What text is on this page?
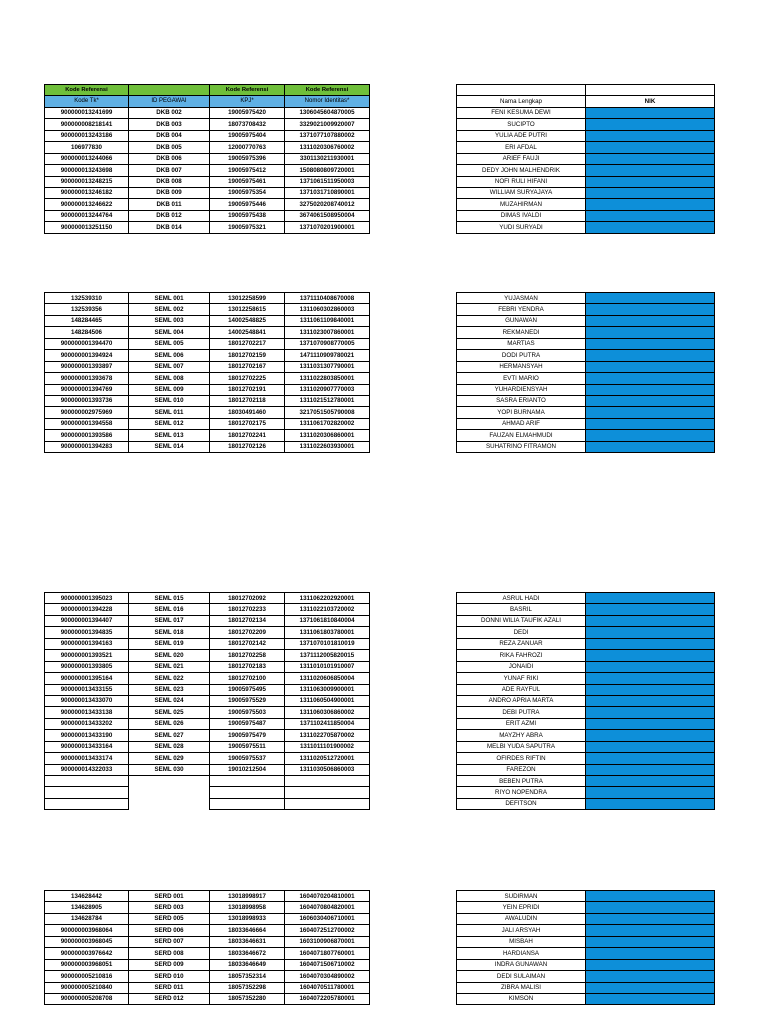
Kode Referensi		Kode Referensi	Kode Referensi
Kode Tk*	ID PEGAWAI	KPJ*	Nomor Identitas*
900000013241699	DKB 002	19005975420	1306045604870005
900000008218141	DKB 003	18073708432	3329021009920007
900000013243186	DKB 004	19005975404	1371077107880002
106977830	DKB 005	12000770763	1311020306760002
900000013244066	DKB 006	19005975396	3301130211930001
900000013243698	DKB 007	19005975412	1508080809720001
900000013248215	DKB 008	19005975461	1371061511950003
900000013246182	DKB 009	19005975354	1371031710890001
900000013246622	DKB 011	19005975446	3275020208740012
900000013244764	DKB 012	19005975438	3674061508950004
900000013251150	DKB 014	19005975321	1371070201900001

Nama Lengkap	NIK
FENI KESUMA DEWI	
SUCIPTO	
YULIA ADE PUTRI	
ERI AFDAL	
ARIEF FAUJI	
DEDY JOHN MALHENDRIK	
NOFI RULI HIFANI	
WILLIAM SURYAJAYA	
MUZAHIRMAN	
DIMAS IVALDI	
YUDI SURYADI	
132539310	SEML 001	13012258599	1371110408670008
132539356	SEML 002	13012258615	1311060302860003
148284465	SEML 003	14002548825	1311061109840001
148284506	SEML 004	14002548841	1311023007860001
900000001394470	SEML 005	18012702217	1371070908770005
900000001394924	SEML 006	18012702159	1471110909780021
900000001393897	SEML 007	18012702167	1311031307790001
900000001393678	SEML 008	18012702225	1311022803850001
900000001394769	SEML 009	18012702191	1311020907770003
900000001393736	SEML 010	18012702118	1311021512780001
900000002975969	SEML 011	18030491460	3217051505790008
900000001394558	SEML 012	18012702175	1311061702820002
900000001393586	SEML 013	18012702241	1311020306860001
900000001394283	SEML 014	18012702126	1311022603930001
YUJASMAN	
FEBRI YENDRA	
GUNAWAN	
REKMANEDI	
MARTIAS	
DODI PUTRA	
HERMANSYAH	
EVTI MARIO	
YUHARDIENSYAH	
SASRA ERIANTO	
YOPI BURNAMA	
AHMAD ARIF	
FAUZAN ELMAHMUDI	
SUHATRINO FITRAMON	
900000001395023	SEML 015	18012702092	1311062202920001
900000001394228	SEML 016	18012702233	1311022103720002
900000001394407	SEML 017	18012702134	1371061810840004
900000001394835	SEML 018	18012702209	1311061803780001
900000001394163	SEML 019	18012702142	1371070101810019
900000001393521	SEML 020	18012702258	1371112005820015
900000001393805	SEML 021	18012702183	1311010101910007
900000001395164	SEML 022	18012702100	1311020606850004
900000013433155	SEML 023	19005975495	1311063009900001
900000013433070	SEML 024	19005975529	1311060504900001
900000013433138	SEML 025	19005975503	1311060306860002
900000013433202	SEML 026	19005975487	1371102411850004
900000013433190	SEML 027	19005975479	1311022705870002
900000013433164	SEML 028	19005975511	1311011101900002
900000013433174	SEML 029	19005975537	1311020512720001
900000014322033	SEML 030	19010212504	1311030506860003

ASRUL HADI	
BASRIL	
DONNI WILIA TAUFIK AZALI	
DEDI	
REZA ZANUAR	
RIKA FAHROZI	
JONAIDI	
YUNAF RIKI	
ADE RAYFUL	
ANDRO APRIA MARTA	
DEBI PUTRA	
ERIT AZMI	
MAYZHY ABRA	
MELBI YUDA SAPUTRA	
OFIRDES RIFTIN	
FAREZON	
BEBEN PUTRA	
RIYO NOPENDRA	
DEFITSON	
134628442	SERD 001	13018998917	1604070204810001
134628905	SERD 003	13018998958	1604070804820001
134628784	SERD 005	13018998933	1606030406710001
900000003968064	SERD 006	18033646664	1604072512700002
900000003968045	SERD 007	18033646631	1603100906870001
900000003976642	SERD 008	18033646672	1604071807760001
900000003968051	SERD 009	18033646649	1604071506710002
900000005210816	SERD 010	18057352314	1604070304890002
900000005210840	SERD 011	18057352298	1604070511780001
900000005208708	SERD 012	18057352280	1604072205780001
SUDIRMAN	
YEIN EPRIDI	
AWALUDIN	
JALI ARSYAH	
MISBAH	
HARDIANSA	
INDRA GUNAWAN	
DEDI SULAIMAN	
ZIBRA MALISI	
KIMSON	
